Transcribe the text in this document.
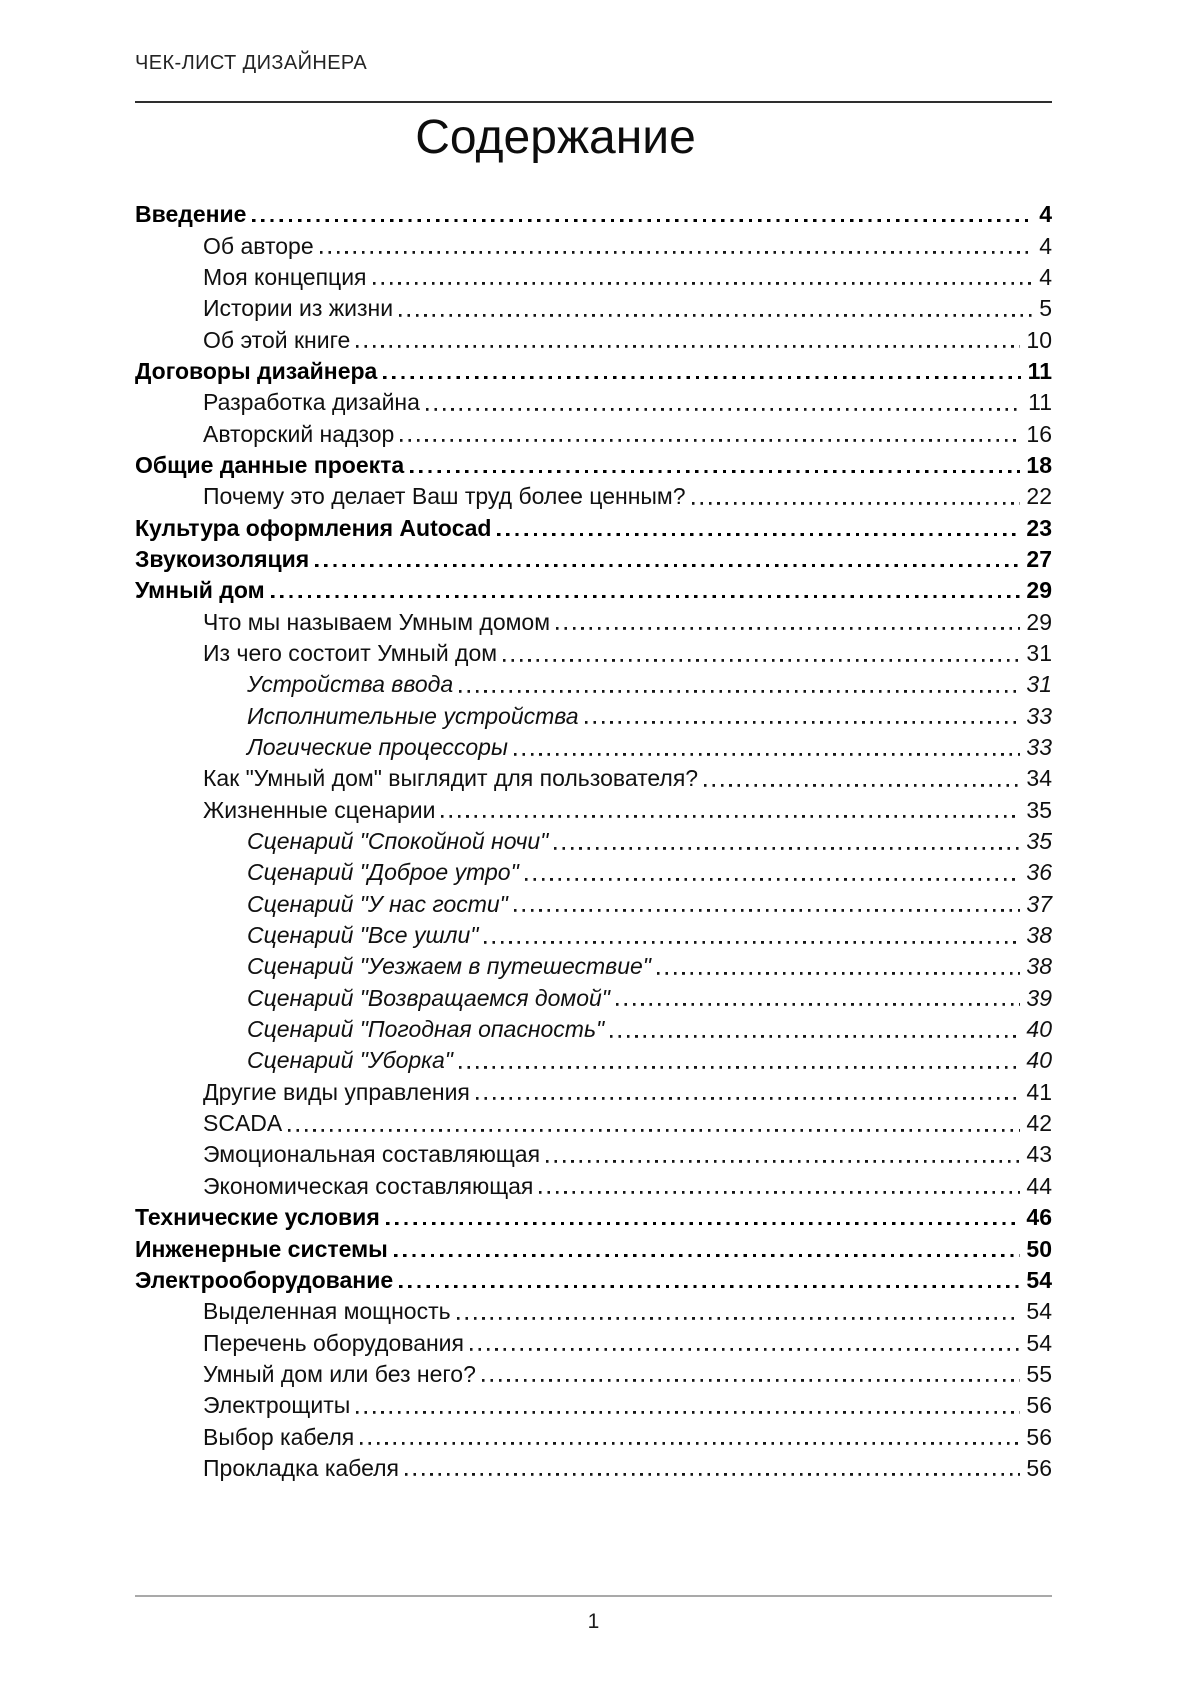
ЧЕК-ЛИСТ ДИЗАЙНЕРА
Содержание
Введение	4
Об авторе	4
Моя концепция	4
Истории из жизни	5
Об этой книге	10
Договоры дизайнера	11
Разработка дизайна	11
Авторский надзор	16
Общие данные проекта	18
Почему это делает Ваш труд более ценным?	22
Культура оформления Autocad	23
Звукоизоляция	27
Умный дом	29
Что мы называем Умным домом	29
Из чего состоит Умный дом	31
Устройства ввода	31
Исполнительные устройства	33
Логические процессоры	33
Как "Умный дом" выглядит для пользователя?	34
Жизненные сценарии	35
Сценарий "Спокойной ночи"	35
Сценарий "Доброе утро"	36
Сценарий "У нас гости"	37
Сценарий "Все ушли"	38
Сценарий "Уезжаем в путешествие"	38
Сценарий "Возвращаемся домой"	39
Сценарий "Погодная опасность"	40
Сценарий "Уборка"	40
Другие виды управления	41
SCADA	42
Эмоциональная составляющая	43
Экономическая составляющая	44
Технические условия	46
Инженерные системы	50
Электрооборудование	54
Выделенная мощность	54
Перечень оборудования	54
Умный дом или без него?	55
Электрощиты	56
Выбор кабеля	56
Прокладка кабеля	56
1
